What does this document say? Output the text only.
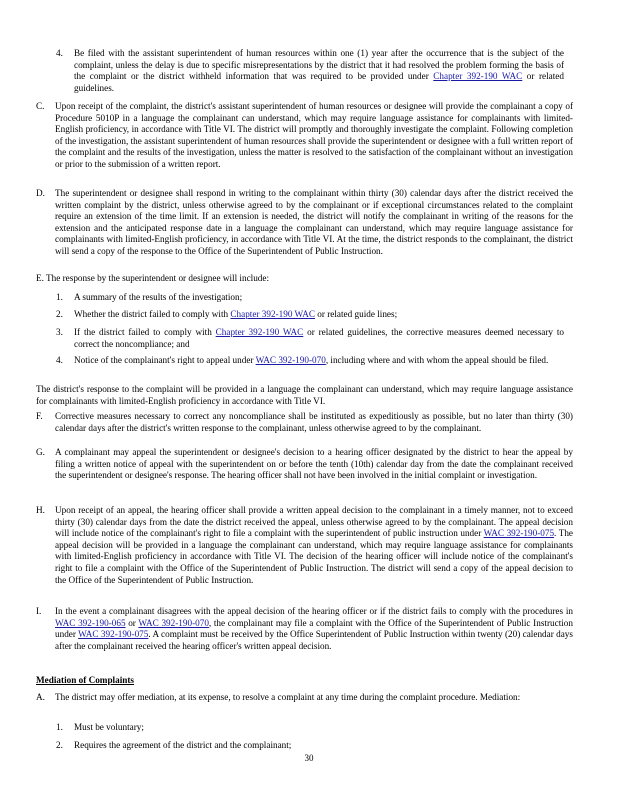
4. Be filed with the assistant superintendent of human resources within one (1) year after the occurrence that is the subject of the complaint, unless the delay is due to specific misrepresentations by the district that it had resolved the problem forming the basis of the complaint or the district withheld information that was required to be provided under Chapter 392-190 WAC or related guidelines.
C. Upon receipt of the complaint, the district's assistant superintendent of human resources or designee will provide the complainant a copy of Procedure 5010P in a language the complainant can understand, which may require language assistance for complainants with limited-English proficiency, in accordance with Title VI. The district will promptly and thoroughly investigate the complaint. Following completion of the investigation, the assistant superintendent of human resources shall provide the superintendent or designee with a full written report of the complaint and the results of the investigation, unless the matter is resolved to the satisfaction of the complainant without an investigation or prior to the submission of a written report.
D. The superintendent or designee shall respond in writing to the complainant within thirty (30) calendar days after the district received the written complaint by the district, unless otherwise agreed to by the complainant or if exceptional circumstances related to the complaint require an extension of the time limit. If an extension is needed, the district will notify the complainant in writing of the reasons for the extension and the anticipated response date in a language the complainant can understand, which may require language assistance for complainants with limited-English proficiency, in accordance with Title VI. At the time, the district responds to the complainant, the district will send a copy of the response to the Office of the Superintendent of Public Instruction.
E. The response by the superintendent or designee will include:
1. A summary of the results of the investigation;
2. Whether the district failed to comply with Chapter 392-190 WAC or related guide lines;
3. If the district failed to comply with Chapter 392-190 WAC or related guidelines, the corrective measures deemed necessary to correct the noncompliance; and
4. Notice of the complainant's right to appeal under WAC 392-190-070, including where and with whom the appeal should be filed.
The district's response to the complaint will be provided in a language the complainant can understand, which may require language assistance for complainants with limited-English proficiency in accordance with Title VI.
F. Corrective measures necessary to correct any noncompliance shall be instituted as expeditiously as possible, but no later than thirty (30) calendar days after the district's written response to the complainant, unless otherwise agreed to by the complainant.
G. A complainant may appeal the superintendent or designee's decision to a hearing officer designated by the district to hear the appeal by filing a written notice of appeal with the superintendent on or before the tenth (10th) calendar day from the date the complainant received the superintendent or designee's response. The hearing officer shall not have been involved in the initial complaint or investigation.
H. Upon receipt of an appeal, the hearing officer shall provide a written appeal decision to the complainant in a timely manner, not to exceed thirty (30) calendar days from the date the district received the appeal, unless otherwise agreed to by the complainant. The appeal decision will include notice of the complainant's right to file a complaint with the superintendent of public instruction under WAC 392-190-075. The appeal decision will be provided in a language the complainant can understand, which may require language assistance for complainants with limited-English proficiency in accordance with Title VI. The decision of the hearing officer will include notice of the complainant's right to file a complaint with the Office of the Superintendent of Public Instruction. The district will send a copy of the appeal decision to the Office of the Superintendent of Public Instruction.
I. In the event a complainant disagrees with the appeal decision of the hearing officer or if the district fails to comply with the procedures in WAC 392-190-065 or WAC 392-190-070, the complainant may file a complaint with the Office of the Superintendent of Public Instruction under WAC 392-190-075. A complaint must be received by the Office Superintendent of Public Instruction within twenty (20) calendar days after the complainant received the hearing officer's written appeal decision.
Mediation of Complaints
A. The district may offer mediation, at its expense, to resolve a complaint at any time during the complaint procedure. Mediation:
1. Must be voluntary;
2. Requires the agreement of the district and the complainant;
30
